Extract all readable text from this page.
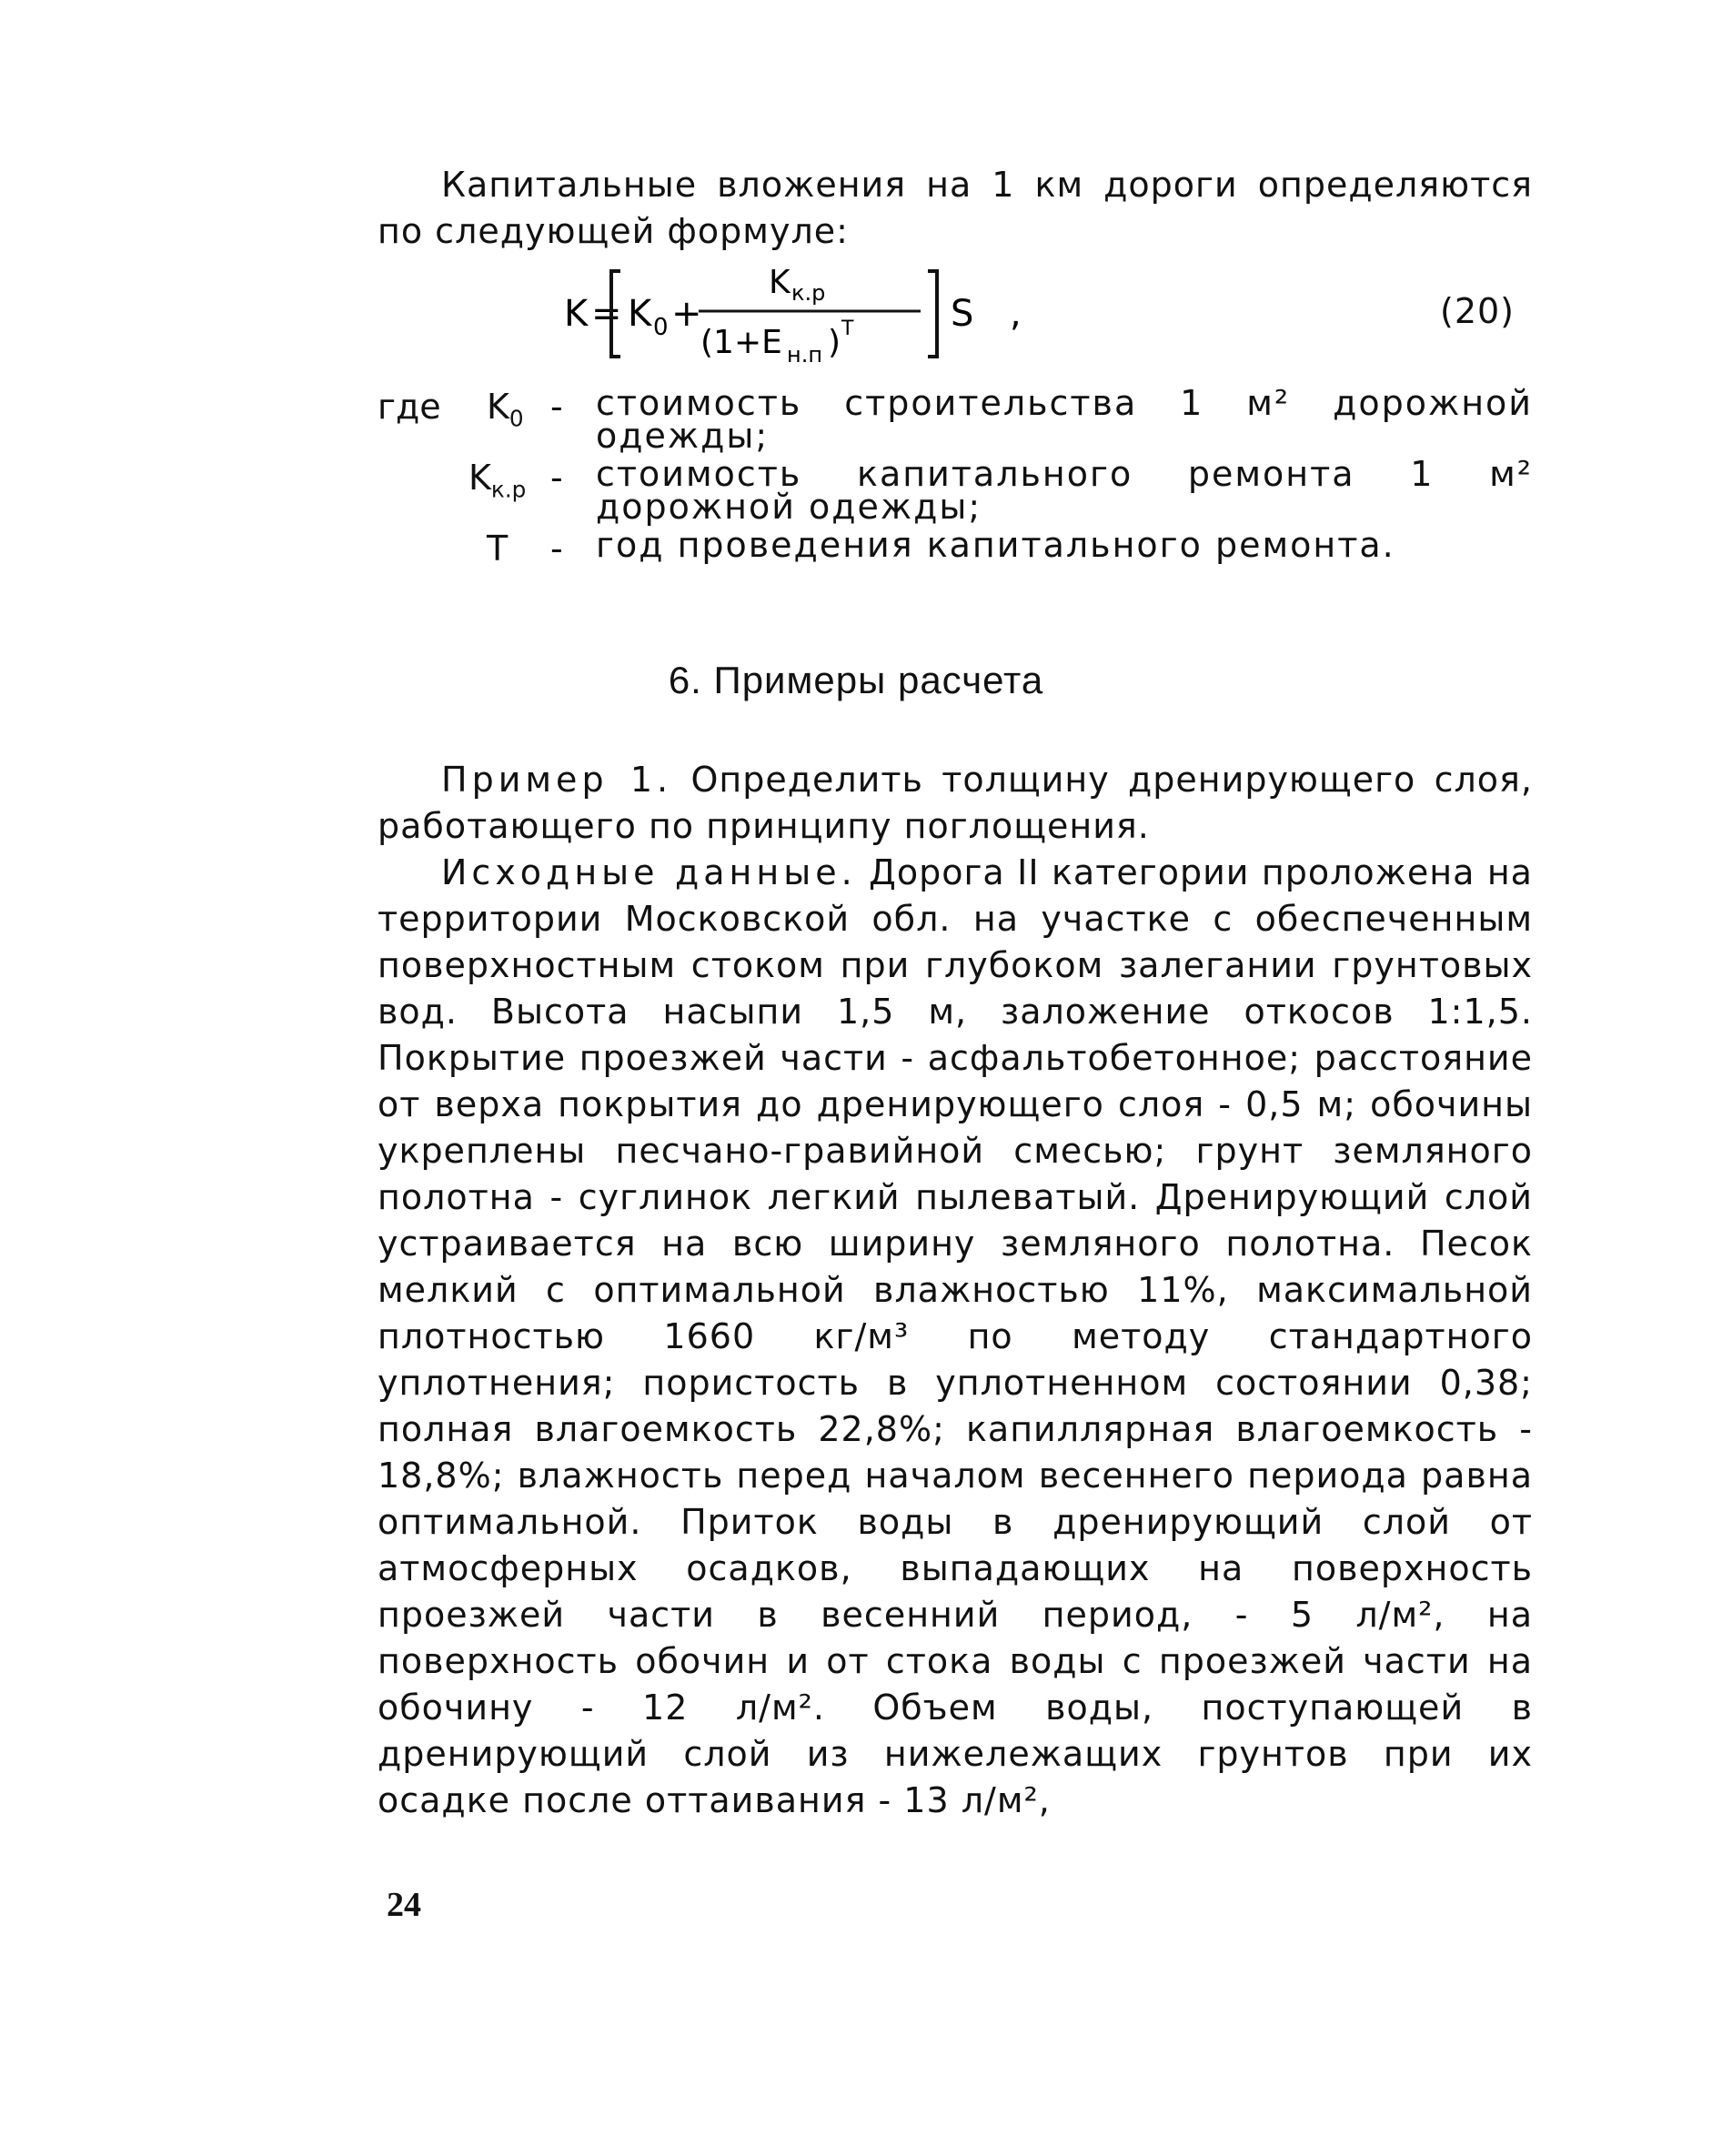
Капитальные вложения на 1 км дороги определяются по следующей формуле:

K = K 0 +
K к.р
(1+E н.п ) T	S ,	(20)
где $K_0$ - стоимость строительства 1 м² дорожной одежды;
$K_{к.р}$ - стоимость капитального ремонта 1 м² дорожной одежды;
T - год проведения капитального ремонта.
6. Примеры расчета

Пример 1. Определить толщину дренирующего слоя, работающего по принципу поглощения.

Исходные данные. Дорога II категории проложена на территории Московской обл. на участке с обеспеченным поверхностным стоком при глубоком залегании грунтовых вод. Высота насыпи 1,5 м, заложение откосов 1:1,5. Покрытие проезжей части - асфальтобетонное; расстояние от верха покрытия до дренирующего слоя - 0,5 м; обочины укреплены песчано-гравийной смесью; грунт земляного полотна - суглинок легкий пылеватый. Дренирующий слой устраивается на всю ширину земляного полотна. Песок мелкий с оптимальной влажностью 11%, максимальной плотностью 1660 кг/м³ по методу стандартного уплотнения; пористость в уплотненном состоянии 0,38; полная влагоемкость 22,8%; капиллярная влагоемкость - 18,8%; влажность перед началом весеннего периода равна оптимальной. Приток воды в дренирующий слой от атмосферных осадков, выпадающих на поверхность проезжей части в весенний период, - 5 л/м², на поверхность обочин и от стока воды с проезжей части на обочину - 12 л/м². Объем воды, поступающей в дренирующий слой из нижележащих грунтов при их осадке после оттаивания - 13 л/м²,

24
